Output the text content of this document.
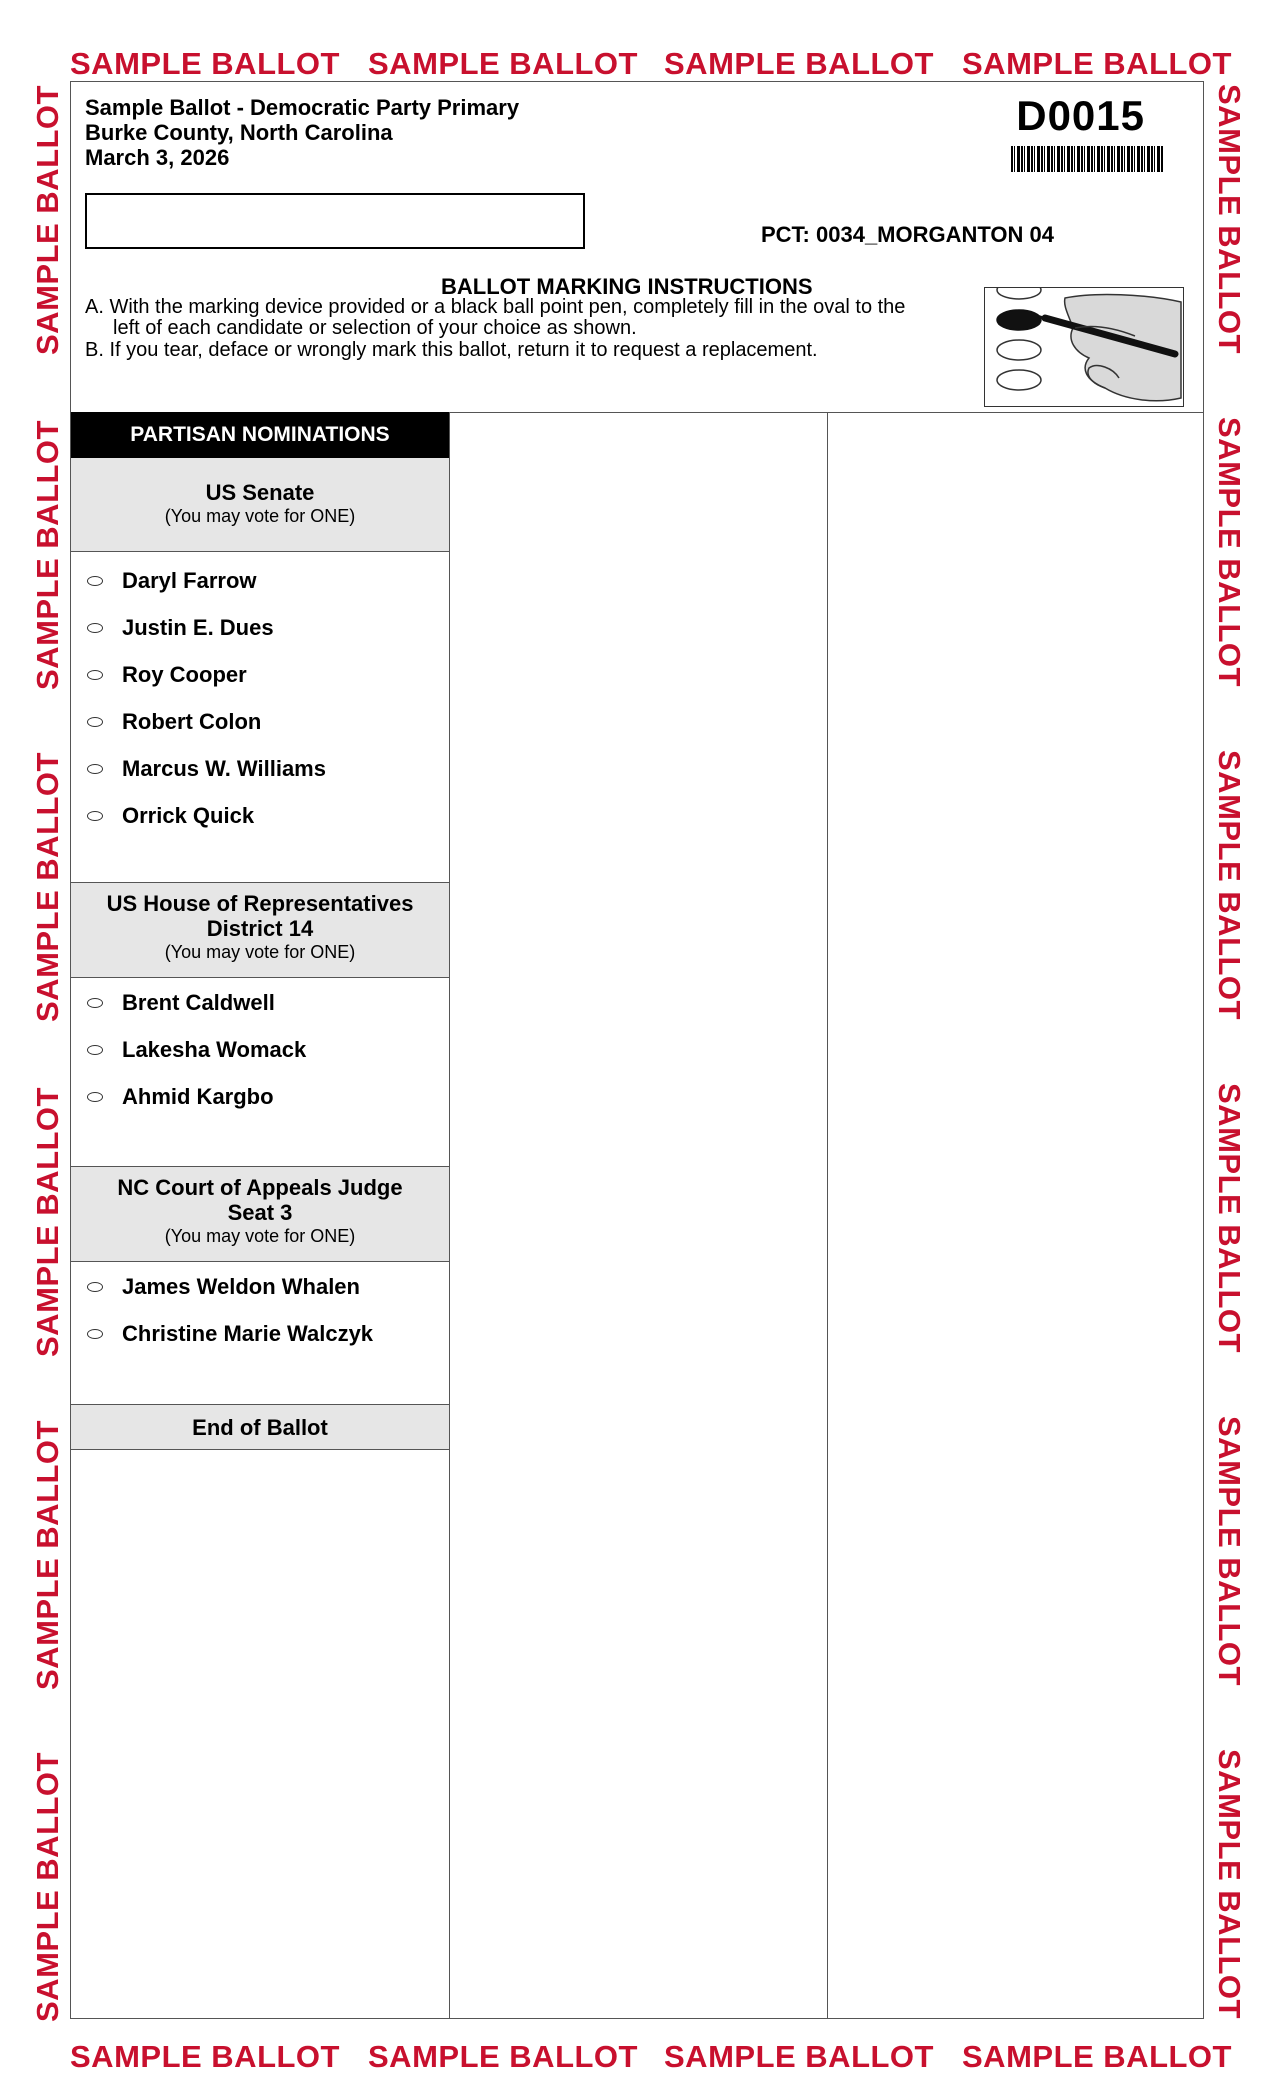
SAMPLE BALLOT SAMPLE BALLOT SAMPLE BALLOT SAMPLE BALLOT
SAMPLE BALLOT SAMPLE BALLOT SAMPLE BALLOT SAMPLE BALLOT
SAMPLE BALLOT
SAMPLE BALLOT
SAMPLE BALLOT
SAMPLE BALLOT
SAMPLE BALLOT
SAMPLE BALLOT
SAMPLE BALLOT
SAMPLE BALLOT
SAMPLE BALLOT
SAMPLE BALLOT
SAMPLE BALLOT
SAMPLE BALLOT
Sample Ballot - Democratic Party Primary
Burke County, North Carolina
March 3, 2026
D0015
PCT: 0034_MORGANTON 04
BALLOT MARKING INSTRUCTIONS
A. With the marking device provided or a black ball point pen, completely fill in the oval to the
left of each candidate or selection of your choice as shown.
B. If you tear, deface or wrongly mark this ballot, return it to request a replacement.
PARTISAN NOMINATIONS
US Senate
(You may vote for ONE)
Daryl Farrow
Justin E. Dues
Roy Cooper
Robert Colon
Marcus W. Williams
Orrick Quick
US House of Representatives
District 14
(You may vote for ONE)
Brent Caldwell
Lakesha Womack
Ahmid Kargbo
NC Court of Appeals Judge
Seat 3
(You may vote for ONE)
James Weldon Whalen
Christine Marie Walczyk
End of Ballot
